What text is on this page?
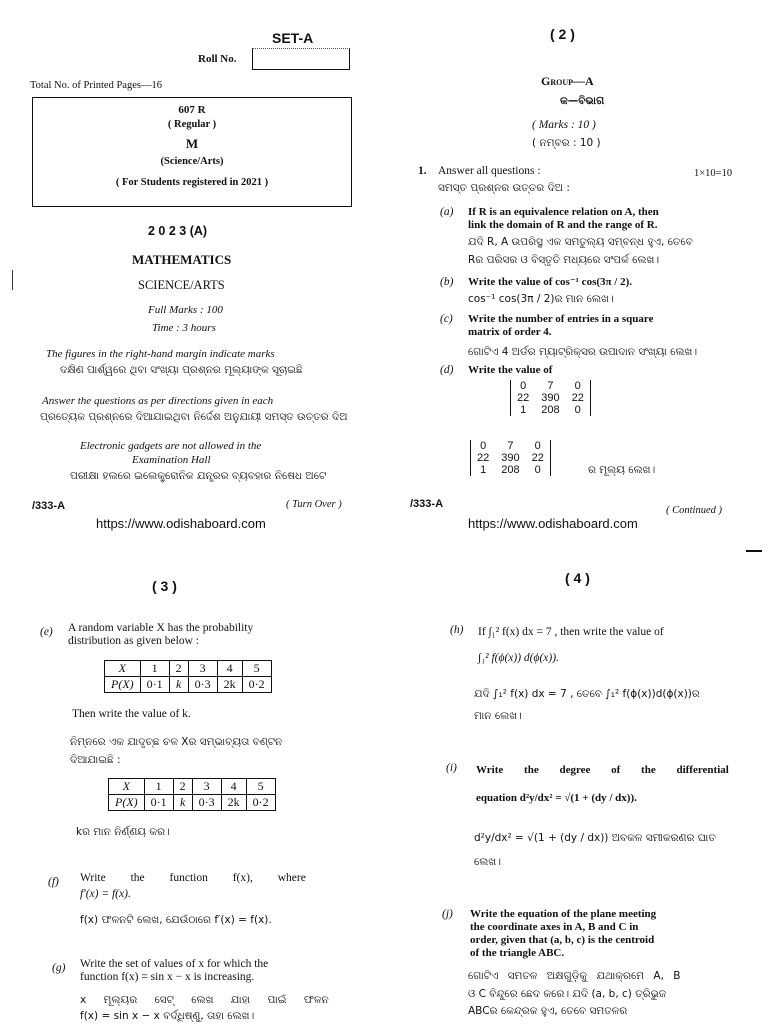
SET-A
Roll No.
Total No. of Printed Pages—16
607 R
( Regular )
M
(Science/Arts)
( For Students registered in 2021 )
2 0 2 3 (A)
MATHEMATICS
SCIENCE/ARTS
Full Marks : 100
Time : 3 hours
The figures in the right-hand margin indicate marks
ଦକ୍ଷିଣ ପାର୍ଶ୍ୱରେ ଥିବା ସଂଖ୍ୟା ପ୍ରଶ୍ନର ମୂଲ୍ୟାଙ୍କ ସୂଚାଇଛି
Answer the questions as per directions given in each
ପ୍ରତ୍ୟେକ ପ୍ରଶ୍ନରେ ଦିଆଯାଇଥିବା ନିର୍ଦ୍ଦେଶ ଅନୁଯାୟୀ ସମସ୍ତ ଉତ୍ତର ଦିଅ
Electronic gadgets are not allowed in the
Examination Hall
ପରୀକ୍ଷା ହଲରେ ଇଲେକ୍ଟ୍ରୋନିକ ଯନ୍ତ୍ରର ବ୍ୟବହାର ନିଷେଧ ଅଟେ
/333-A	( Turn Over )
https://www.odishaboard.com
( 2 )
Group—A
କ—ବିଭାଗ
( Marks : 10 )
( ନମ୍ବର : 10 )
1. Answer all questions :	1×10=10
ସମସ୍ତ ପ୍ରଶ୍ନର ଉତ୍ତର ଦିଅ :
(a) If R is an equivalence relation on A, then
link the domain of R and the range of R.
ଯଦି R, A ଉପରିସ୍ଥ ଏକ ସମତୁଲ୍ୟ ସମ୍ବନ୍ଧ ହୁଏ, ତେବେ
Rର ପରିସର ଓ ବିସ୍ତୃତି ମଧ୍ୟରେ ସଂପର୍କ ଲେଖ।
(b) Write the value of cos⁻¹ cos(3π / 2).
cos⁻¹ cos(3π / 2)ର ମାନ ଲେଖ।
(c) Write the number of entries in a square
matrix of order 4.
ଗୋଟିଏ 4 ଅର୍ଡର ମ୍ୟାଟ୍ରିକ୍ସର ଉପାଦାନ ସଂଖ୍ୟା ଲେଖ।
(d) Write the value of
0	7	0
22	390	22
1	208	0
0	7	0
22	390	22
1	208	0	ର ମୂଲ୍ୟ ଲେଖ।
/333-A
( Continued )
https://www.odishaboard.com
( 3 )
(e) A random variable X has the probability
distribution as given below :
X	1	2	3	4	5
P(X)	0·1	k	0·3	2k	0·2
Then write the value of k.
ନିମ୍ନରେ ଏକ ଯାଦୃଚ୍ଛ ଚଳ Xର ସମ୍ଭାବ୍ୟତା ବଣ୍ଟନ
ଦିଆଯାଇଛି :
X	1	2	3	4	5
P(X)	0·1	k	0·3	2k	0·2
kର ମାନ ନିର୍ଣ୍ଣୟ କର।
(f) Write the function f(x), where
f′(x) = f(x).
f(x) ଫଳନଟି ଲେଖ, ଯେଉଁଠାରେ f′(x) = f(x).
(g) Write the set of values of x for which the
function f(x) = sin x − x is increasing.
x ମୂଲ୍ୟର ସେଟ୍ ଲେଖ ଯାହା ପାଇଁ ଫଳନ
f(x) = sin x − x ବର୍ଦ୍ଧିଷ୍ଣୁ, ତାହା ଲେଖ।
( 4 )
(h) If ∫₁² f(x) dx = 7 , then write the value of
∫₁² f(ϕ(x)) d(ϕ(x)).
ଯଦି ∫₁² f(x) dx = 7 , ତେବେ ∫₁² f(ϕ(x))d(ϕ(x))ର
ମାନ ଲେଖ।
(i) Write the degree of the differential
equation d²y/dx² = √(1 + (dy / dx)).
d²y/dx² = √(1 + (dy / dx)) ଅବକଳ ସମୀକରଣର ଘାତ
ଲେଖ।
(j) Write the equation of the plane meeting
the coordinate axes in A, B and C in
order, given that (a, b, c) is the centroid
of the triangle ABC.
ଗୋଟିଏ ସମତଳ ଅକ୍ଷଗୁଡ଼ିକୁ ଯଥାକ୍ରମେ A, B
ଓ C ବିନ୍ଦୁରେ ଛେଦ କରେ। ଯଦି (a, b, c) ତ୍ରିଭୁଜ
ABCର କେନ୍ଦ୍ରକ ହୁଏ, ତେବେ ସମତଳର
